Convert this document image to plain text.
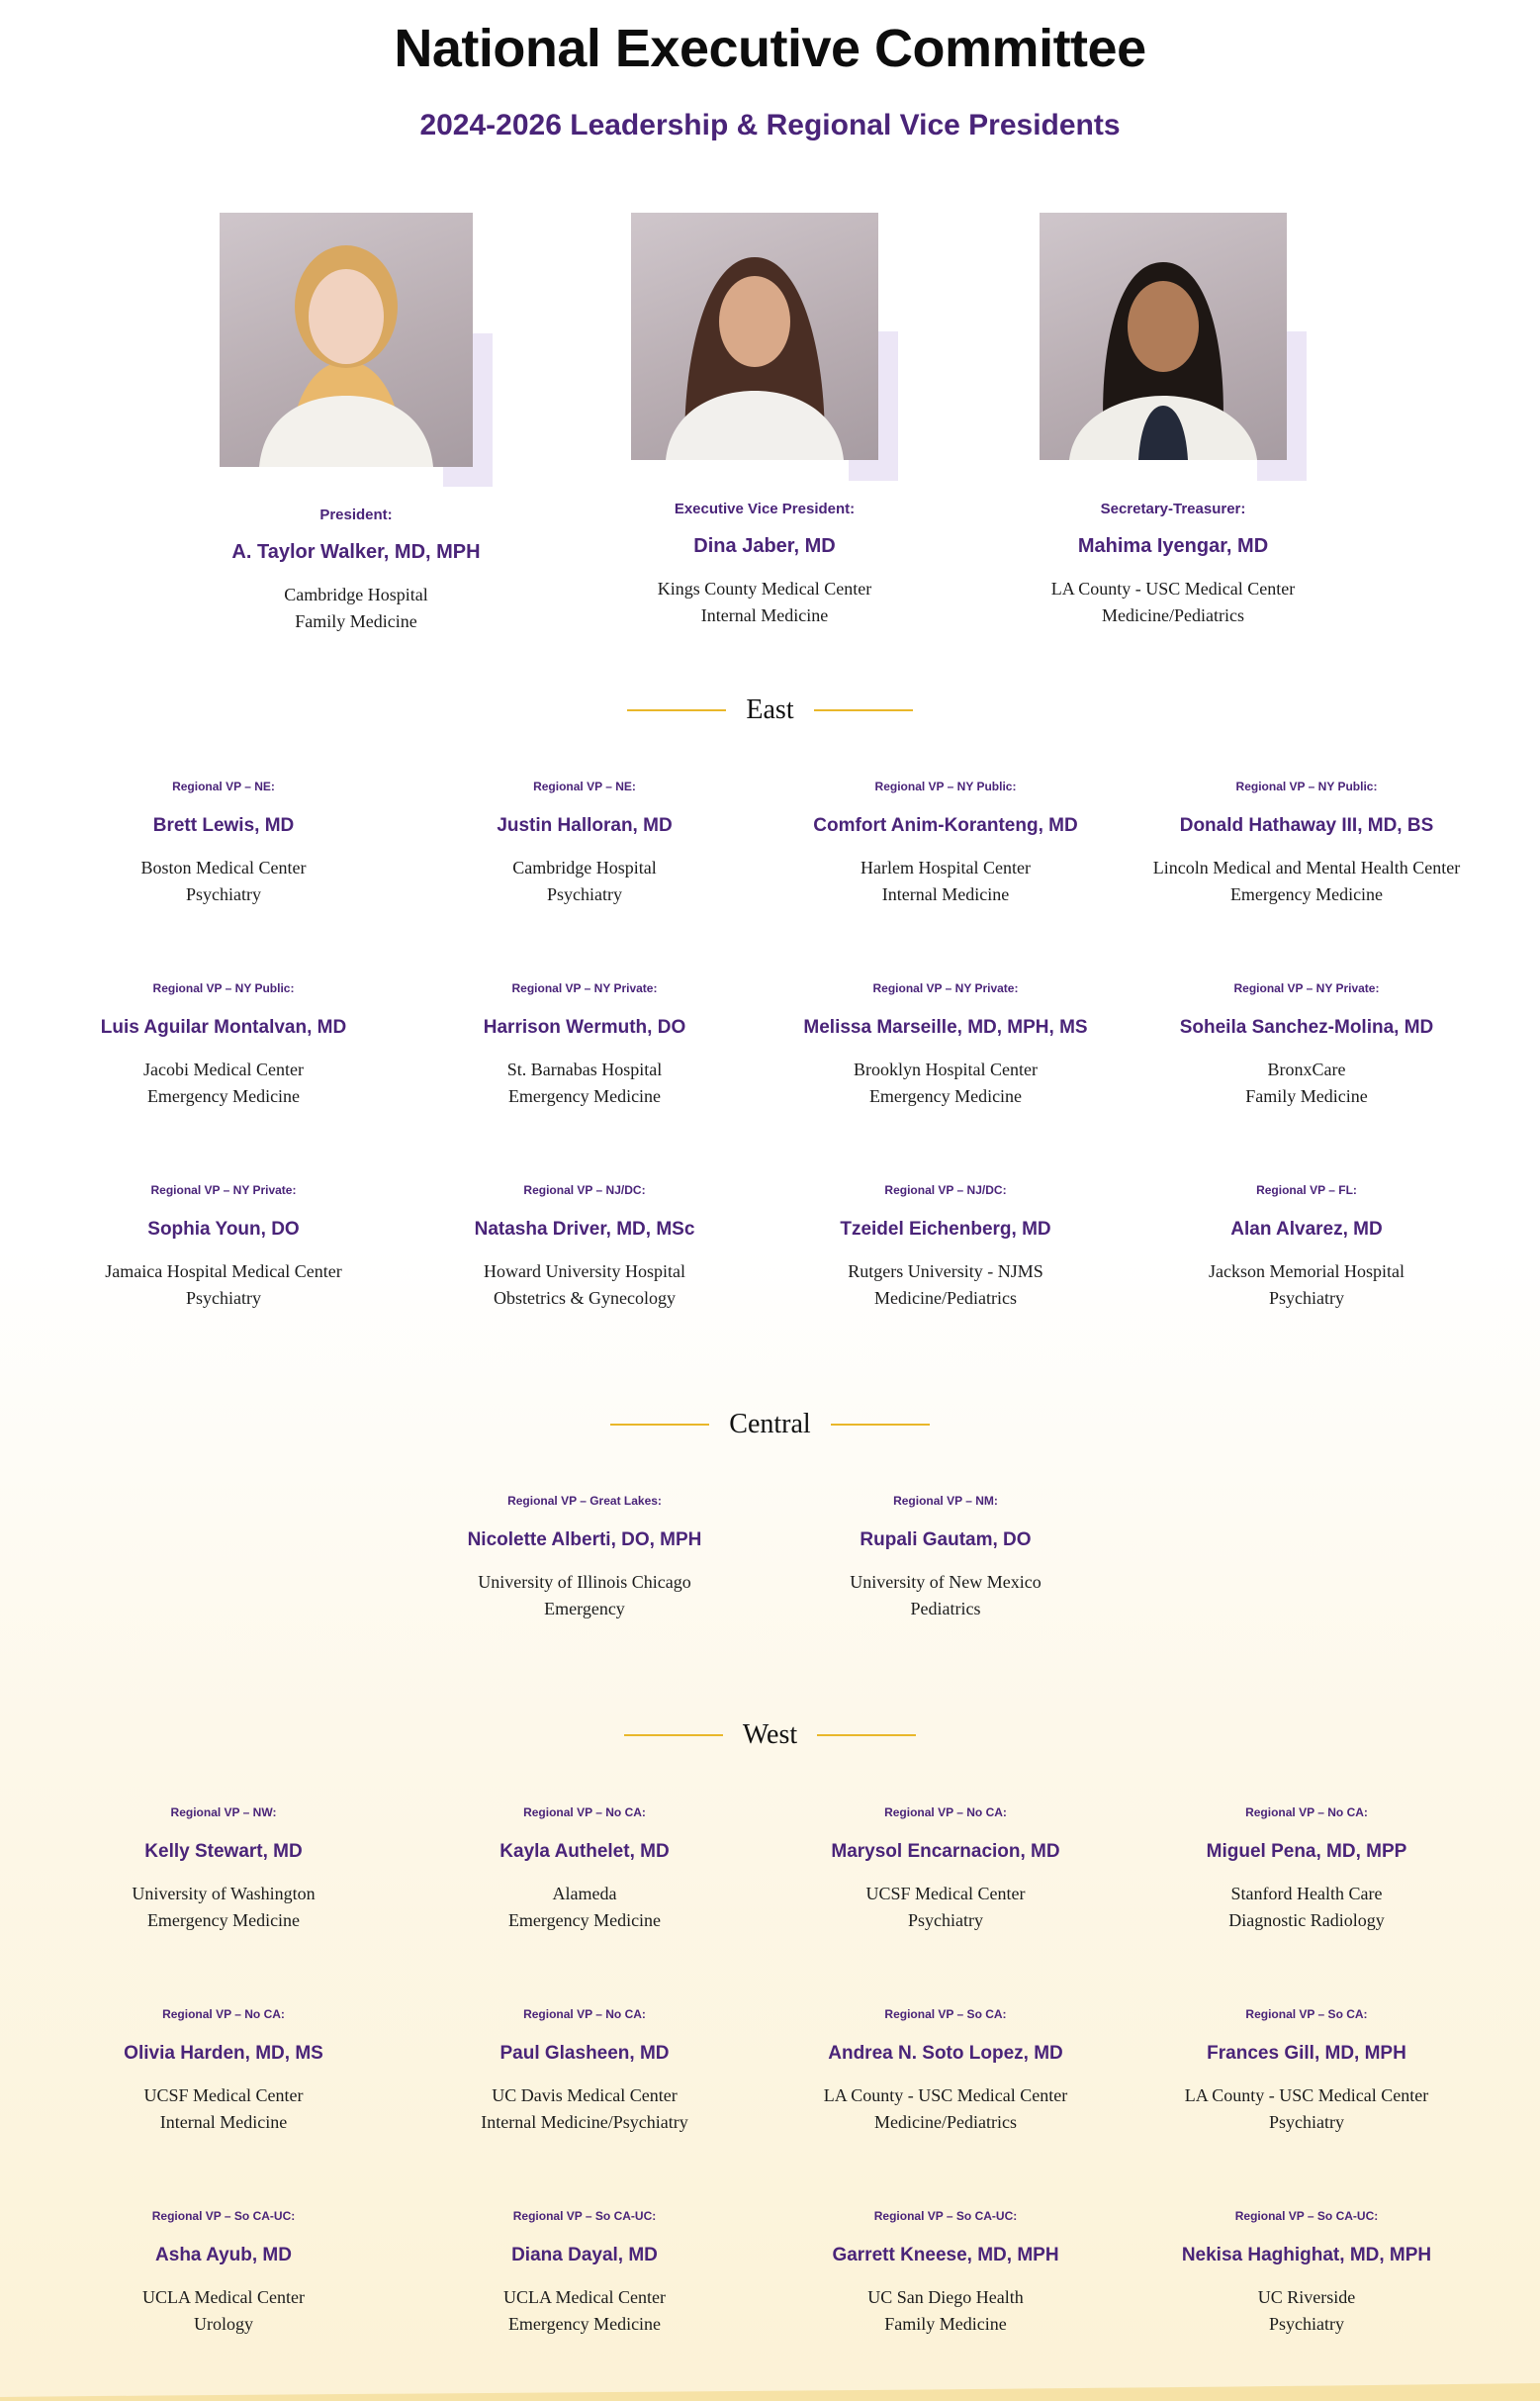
National Executive Committee
2024-2026 Leadership & Regional Vice Presidents
President:
A. Taylor Walker, MD, MPH
Cambridge Hospital
Family Medicine
Executive Vice President:
Dina Jaber, MD
Kings County Medical Center
Internal Medicine
Secretary-Treasurer:
Mahima Iyengar, MD
LA County - USC Medical Center
Medicine/Pediatrics
East
Regional VP – NE:
Brett Lewis, MD
Boston Medical Center
Psychiatry
Regional VP – NE:
Justin Halloran, MD
Cambridge Hospital
Psychiatry
Regional VP – NY Public:
Comfort Anim-Koranteng, MD
Harlem Hospital Center
Internal Medicine
Regional VP – NY Public:
Donald Hathaway III, MD, BS
Lincoln Medical and Mental Health Center
Emergency Medicine
Regional VP – NY Public:
Luis Aguilar Montalvan, MD
Jacobi Medical Center
Emergency Medicine
Regional VP – NY Private:
Harrison Wermuth, DO
St. Barnabas Hospital
Emergency Medicine
Regional VP – NY Private:
Melissa Marseille, MD, MPH, MS
Brooklyn Hospital Center
Emergency Medicine
Regional VP – NY Private:
Soheila Sanchez-Molina, MD
BronxCare
Family Medicine
Regional VP – NY Private:
Sophia Youn, DO
Jamaica Hospital Medical Center
Psychiatry
Regional VP – NJ/DC:
Natasha Driver, MD, MSc
Howard University Hospital
Obstetrics & Gynecology
Regional VP – NJ/DC:
Tzeidel Eichenberg, MD
Rutgers University - NJMS
Medicine/Pediatrics
Regional VP – FL:
Alan Alvarez, MD
Jackson Memorial Hospital
Psychiatry
Central
Regional VP – Great Lakes:
Nicolette Alberti, DO, MPH
University of Illinois Chicago
Emergency
Regional VP – NM:
Rupali Gautam, DO
University of New Mexico
Pediatrics
West
Regional VP – NW:
Kelly Stewart, MD
University of Washington
Emergency Medicine
Regional VP – No CA:
Kayla Authelet, MD
Alameda
Emergency Medicine
Regional VP – No CA:
Marysol Encarnacion, MD
UCSF Medical Center
Psychiatry
Regional VP – No CA:
Miguel Pena, MD, MPP
Stanford Health Care
Diagnostic Radiology
Regional VP – No CA:
Olivia Harden, MD, MS
UCSF Medical Center
Internal Medicine
Regional VP – No CA:
Paul Glasheen, MD
UC Davis Medical Center
Internal Medicine/Psychiatry
Regional VP – So CA:
Andrea N. Soto Lopez, MD
LA County - USC Medical Center
Medicine/Pediatrics
Regional VP – So CA:
Frances Gill, MD, MPH
LA County - USC Medical Center
Psychiatry
Regional VP – So CA-UC:
Asha Ayub, MD
UCLA Medical Center
Urology
Regional VP – So CA-UC:
Diana Dayal, MD
UCLA Medical Center
Emergency Medicine
Regional VP – So CA-UC:
Garrett Kneese, MD, MPH
UC San Diego Health
Family Medicine
Regional VP – So CA-UC:
Nekisa Haghighat, MD, MPH
UC Riverside
Psychiatry
